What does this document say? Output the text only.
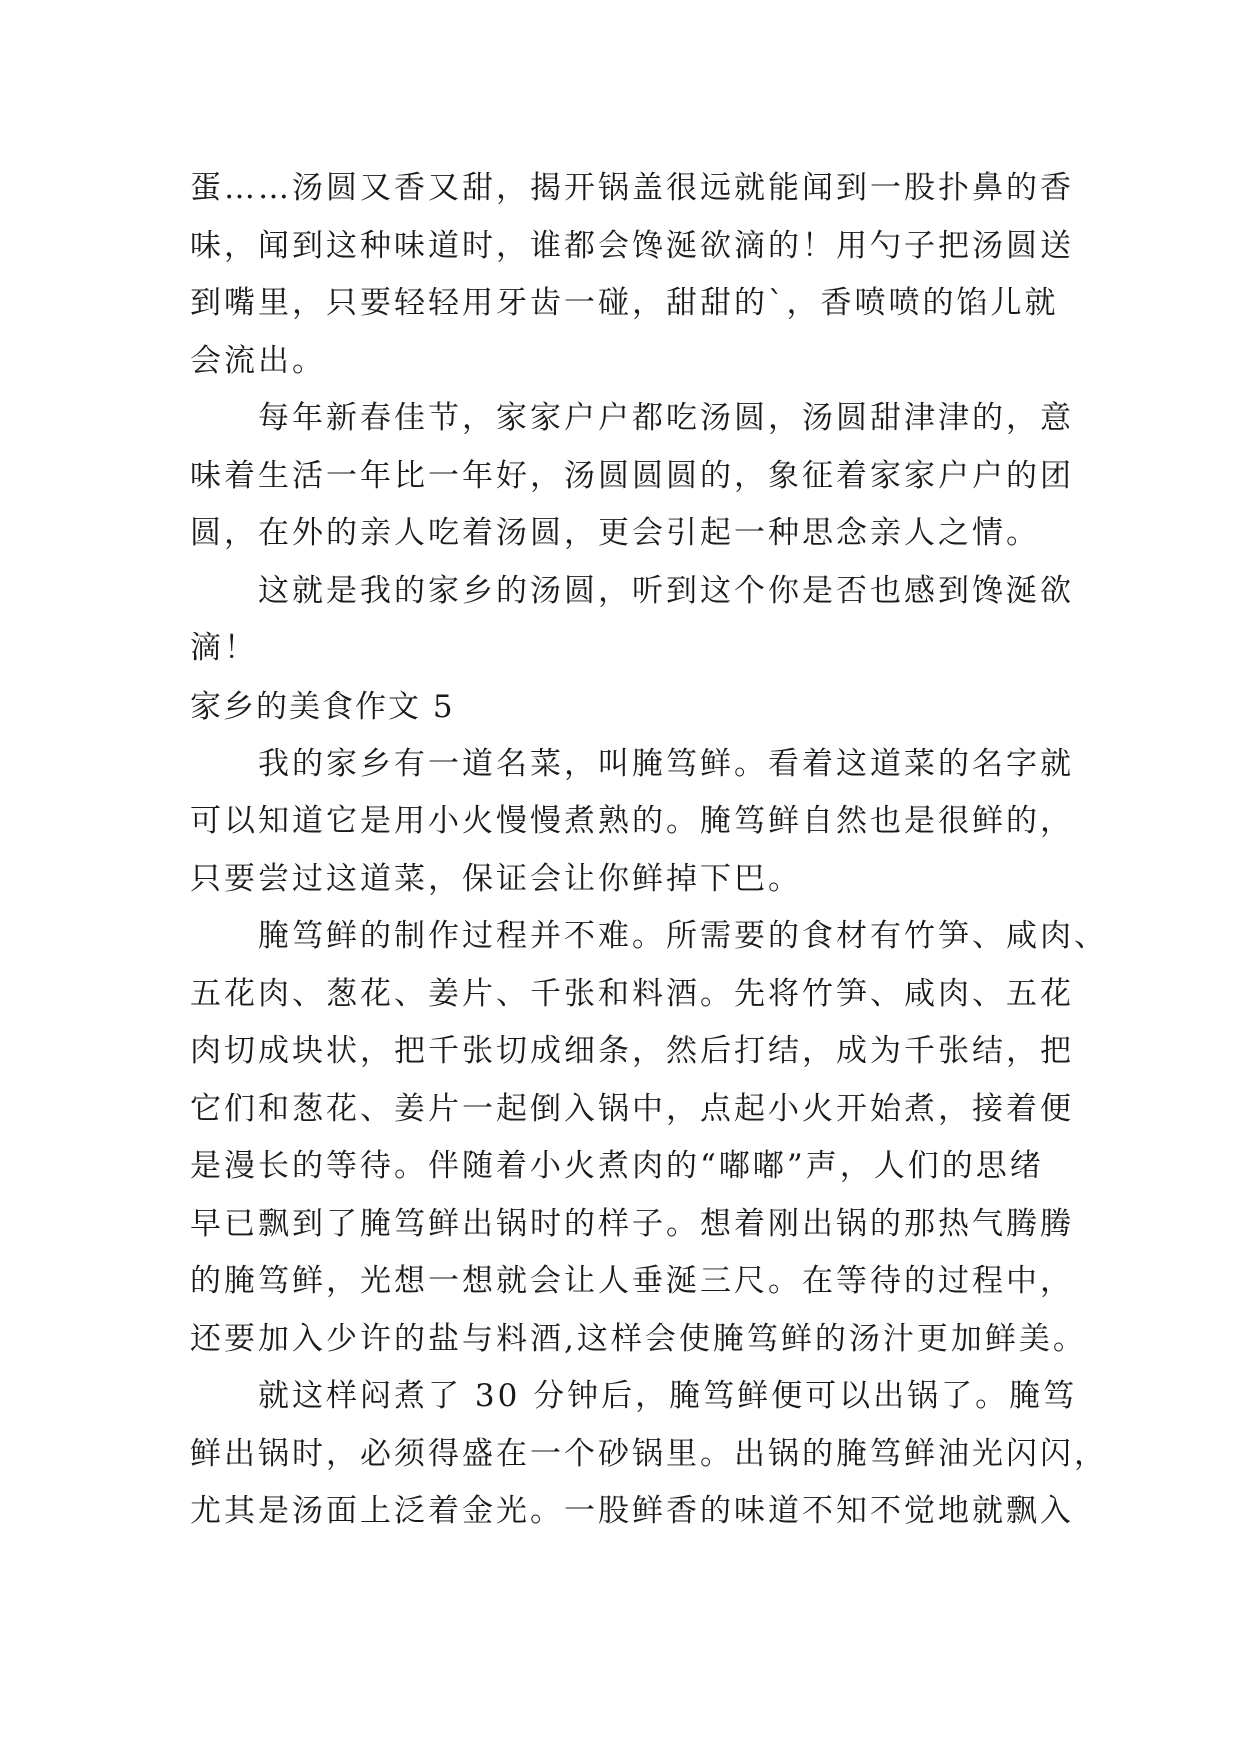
蛋……汤圆又香又甜，揭开锅盖很远就能闻到一股扑鼻的香
味，闻到这种味道时，谁都会馋涎欲滴的！用勺子把汤圆送
到嘴里，只要轻轻用牙齿一碰，甜甜的`，香喷喷的馅儿就
会流出。
　　每年新春佳节，家家户户都吃汤圆，汤圆甜津津的，意
味着生活一年比一年好，汤圆圆圆的，象征着家家户户的团
圆，在外的亲人吃着汤圆，更会引起一种思念亲人之情。
　　这就是我的家乡的汤圆，听到这个你是否也感到馋涎欲
滴！
家乡的美食作文 5
　　我的家乡有一道名菜，叫腌笃鲜。看着这道菜的名字就
可以知道它是用小火慢慢煮熟的。腌笃鲜自然也是很鲜的，
只要尝过这道菜，保证会让你鲜掉下巴。
　　腌笃鲜的制作过程并不难。所需要的食材有竹笋、咸肉、
五花肉、葱花、姜片、千张和料酒。先将竹笋、咸肉、五花
肉切成块状，把千张切成细条，然后打结，成为千张结，把
它们和葱花、姜片一起倒入锅中，点起小火开始煮，接着便
是漫长的等待。伴随着小火煮肉的“嘟嘟”声，人们的思绪
早已飘到了腌笃鲜出锅时的样子。想着刚出锅的那热气腾腾
的腌笃鲜，光想一想就会让人垂涎三尺。在等待的过程中，
还要加入少许的盐与料酒,这样会使腌笃鲜的汤汁更加鲜美。
　　就这样闷煮了 30 分钟后，腌笃鲜便可以出锅了。腌笃
鲜出锅时，必须得盛在一个砂锅里。出锅的腌笃鲜油光闪闪，
尤其是汤面上泛着金光。一股鲜香的味道不知不觉地就飘入
